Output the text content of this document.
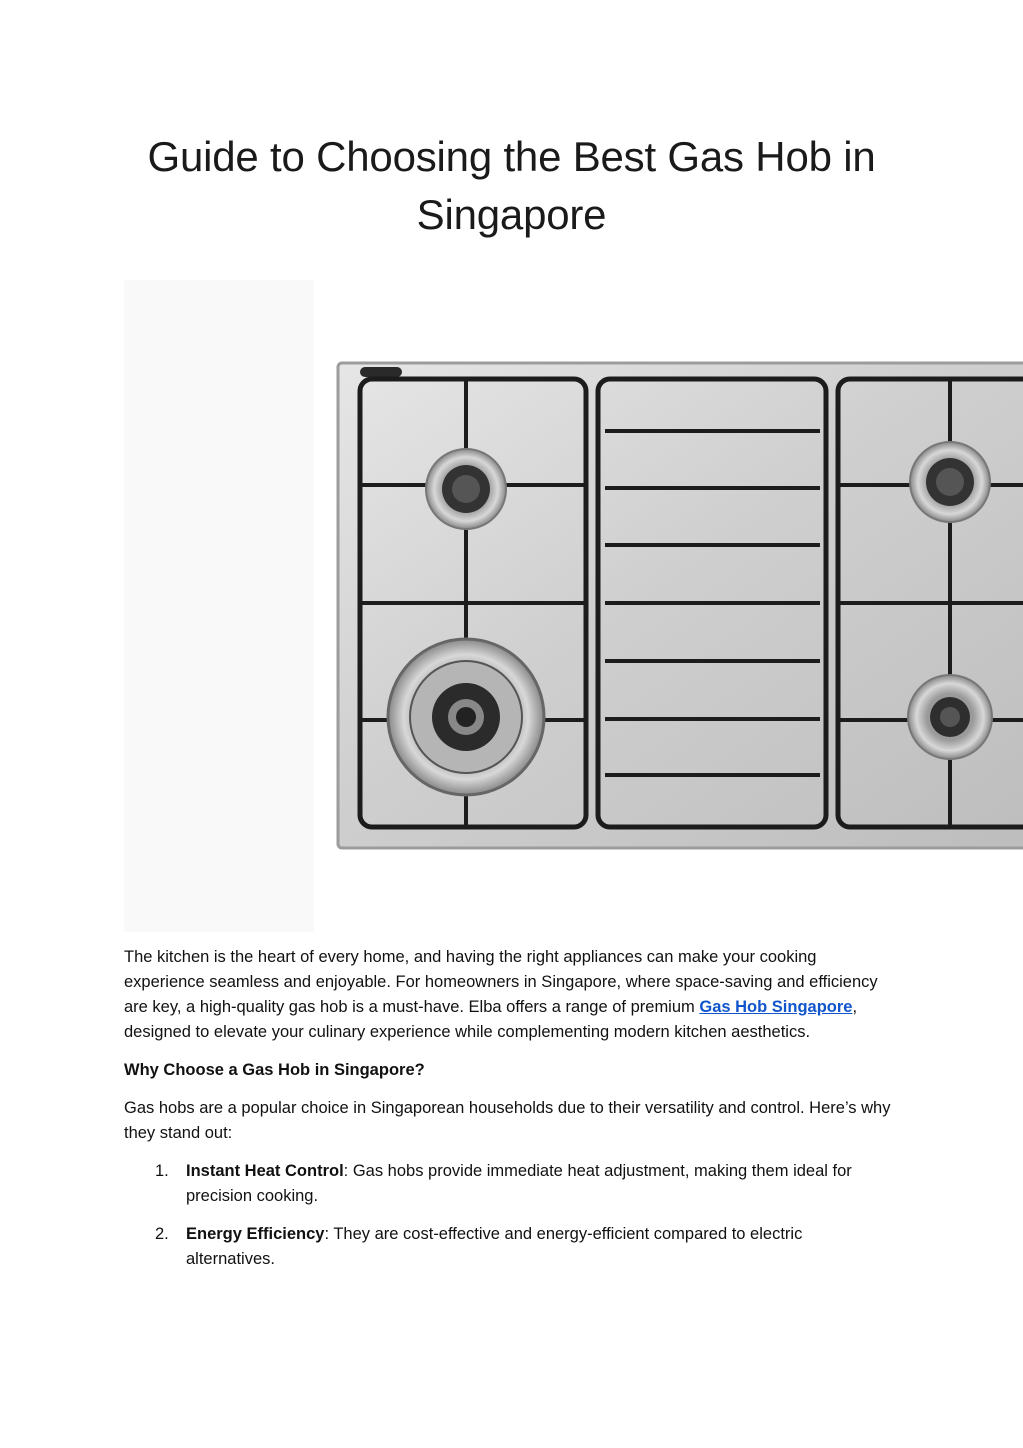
Guide to Choosing the Best Gas Hob in
Singapore

The kitchen is the heart of every home, and having the right appliances can make your cooking experience seamless and enjoyable. For homeowners in Singapore, where space-saving and efficiency are key, a high-quality gas hob is a must-have. Elba offers a range of premium Gas Hob Singapore, designed to elevate your culinary experience while complementing modern kitchen aesthetics.

Why Choose a Gas Hob in Singapore?

Gas hobs are a popular choice in Singaporean households due to their versatility and control. Here’s why they stand out:

1. Instant Heat Control: Gas hobs provide immediate heat adjustment, making them ideal for precision cooking.
2. Energy Efficiency: They are cost-effective and energy-efficient compared to electric alternatives.
